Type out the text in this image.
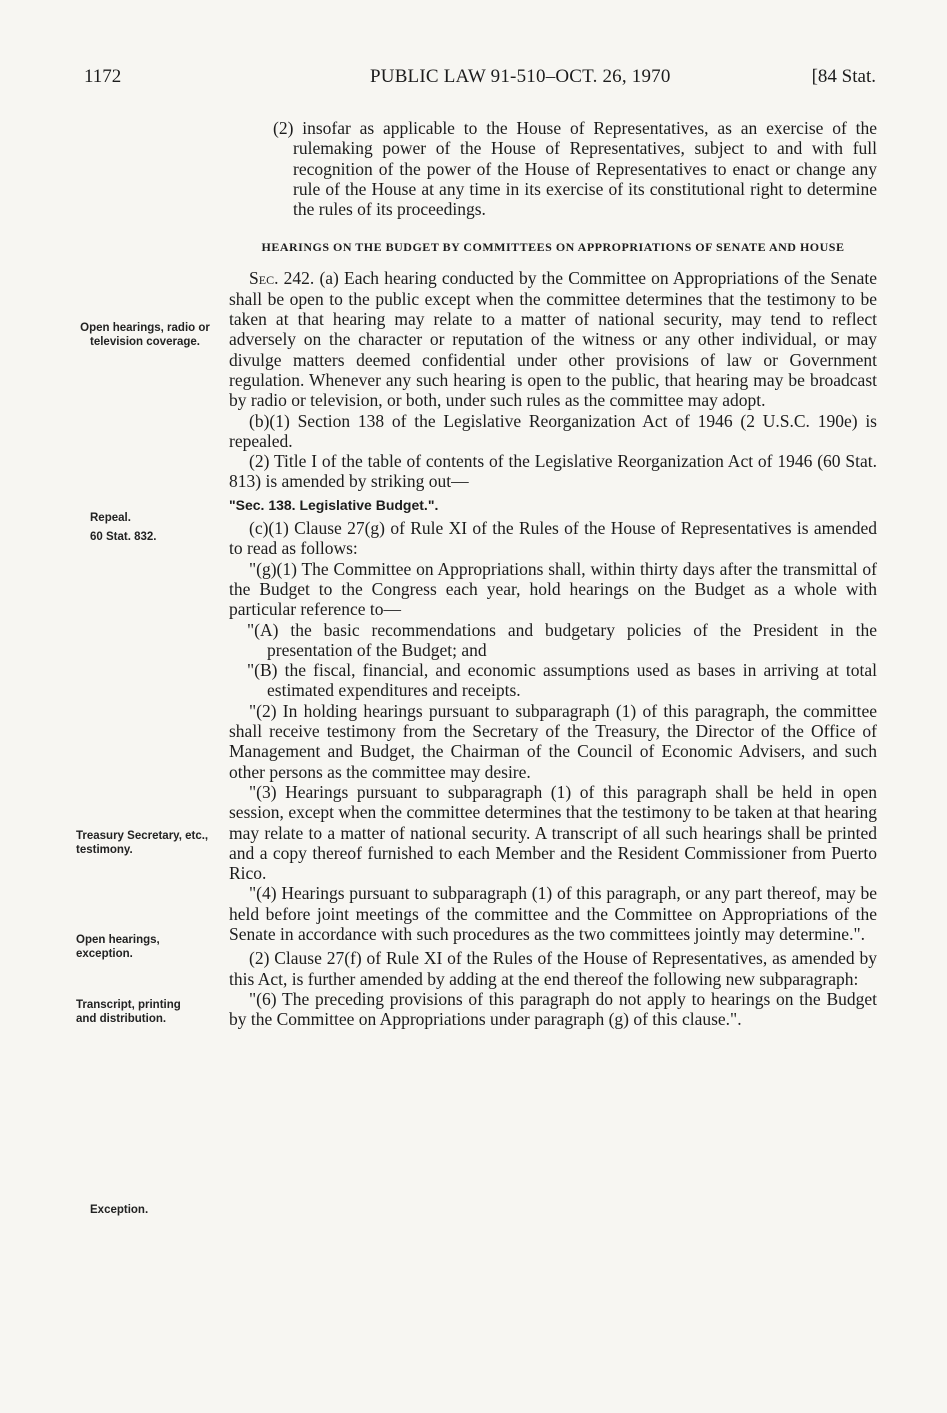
1172	PUBLIC LAW 91-510–OCT. 26, 1970	[84 Stat.
Open hearings, radio or television coverage.
Repeal.
60 Stat. 832.
Treasury Secretary, etc., testimony.
Open hearings, exception.
Transcript, printing and distribution.
Exception.

(2) insofar as applicable to the House of Representatives, as an exercise of the rulemaking power of the House of Representatives, subject to and with full recognition of the power of the House of Representatives to enact or change any rule of the House at any time in its exercise of its constitutional right to determine the rules of its proceedings.

HEARINGS ON THE BUDGET BY COMMITTEES ON APPROPRIATIONS OF SENATE AND HOUSE

Sec. 242. (a) Each hearing conducted by the Committee on Appropriations of the Senate shall be open to the public except when the committee determines that the testimony to be taken at that hearing may relate to a matter of national security, may tend to reflect adversely on the character or reputation of the witness or any other individual, or may divulge matters deemed confidential under other provisions of law or Government regulation. Whenever any such hearing is open to the public, that hearing may be broadcast by radio or television, or both, under such rules as the committee may adopt.

(b)(1) Section 138 of the Legislative Reorganization Act of 1946 (2 U.S.C. 190e) is repealed.

(2) Title I of the table of contents of the Legislative Reorganization Act of 1946 (60 Stat. 813) is amended by striking out—

"Sec. 138. Legislative Budget.".

(c)(1) Clause 27(g) of Rule XI of the Rules of the House of Representatives is amended to read as follows:

"(g)(1) The Committee on Appropriations shall, within thirty days after the transmittal of the Budget to the Congress each year, hold hearings on the Budget as a whole with particular reference to—

"(A) the basic recommendations and budgetary policies of the President in the presentation of the Budget; and

"(B) the fiscal, financial, and economic assumptions used as bases in arriving at total estimated expenditures and receipts.

"(2) In holding hearings pursuant to subparagraph (1) of this paragraph, the committee shall receive testimony from the Secretary of the Treasury, the Director of the Office of Management and Budget, the Chairman of the Council of Economic Advisers, and such other persons as the committee may desire.

"(3) Hearings pursuant to subparagraph (1) of this paragraph shall be held in open session, except when the committee determines that the testimony to be taken at that hearing may relate to a matter of national security. A transcript of all such hearings shall be printed and a copy thereof furnished to each Member and the Resident Commissioner from Puerto Rico.

"(4) Hearings pursuant to subparagraph (1) of this paragraph, or any part thereof, may be held before joint meetings of the committee and the Committee on Appropriations of the Senate in accordance with such procedures as the two committees jointly may determine.".

(2) Clause 27(f) of Rule XI of the Rules of the House of Representatives, as amended by this Act, is further amended by adding at the end thereof the following new subparagraph:

"(6) The preceding provisions of this paragraph do not apply to hearings on the Budget by the Committee on Appropriations under paragraph (g) of this clause.".
